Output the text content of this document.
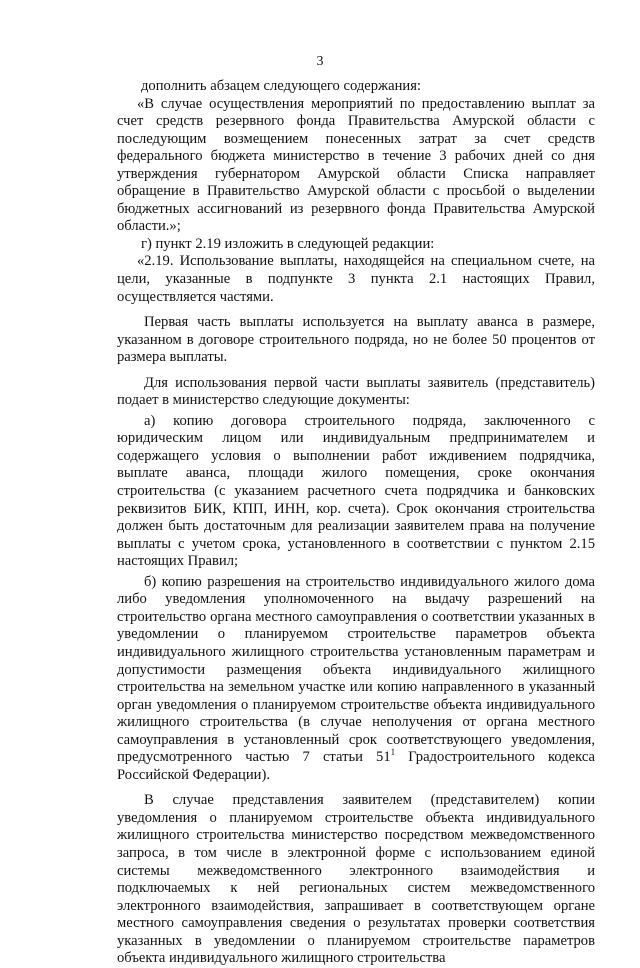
3

дополнить абзацем следующего содержания:

«В случае осуществления мероприятий по предоставлению выплат за счет средств резервного фонда Правительства Амурской области с последующим возмещением понесенных затрат за счет средств федерального бюджета министерство в течение 3 рабочих дней со дня утверждения губернатором Амурской области Списка направляет обращение в Правительство Амурской области с просьбой о выделении бюджетных ассигнований из резервного фонда Правительства Амурской области.»;

г) пункт 2.19 изложить в следующей редакции:

«2.19. Использование выплаты, находящейся на специальном счете, на цели, указанные в подпункте 3 пункта 2.1 настоящих Правил, осуществляется частями.

Первая часть выплаты используется на выплату аванса в размере, указанном в договоре строительного подряда, но не более 50 процентов от размера выплаты.

Для использования первой части выплаты заявитель (представитель) подает в министерство следующие документы:

а) копию договора строительного подряда, заключенного с юридическим лицом или индивидуальным предпринимателем и содержащего условия о выполнении работ иждивением подрядчика, выплате аванса, площади жилого помещения, сроке окончания строительства (с указанием расчетного счета подрядчика и банковских реквизитов БИК, КПП, ИНН, кор. счета). Срок окончания строительства должен быть достаточным для реализации заявителем права на получение выплаты с учетом срока, установленного в соответствии с пунктом 2.15 настоящих Правил;

б) копию разрешения на строительство индивидуального жилого дома либо уведомления уполномоченного на выдачу разрешений на строительство органа местного самоуправления о соответствии указанных в уведомлении о планируемом строительстве параметров объекта индивидуального жилищного строительства установленным параметрам и допустимости размещения объекта индивидуального жилищного строительства на земельном участке или копию направленного в указанный орган уведомления о планируемом строительстве объекта индивидуального жилищного строительства (в случае неполучения от органа местного самоуправления в установленный срок соответствующего уведомления, предусмотренного частью 7 статьи $51^1$ Градостроительного кодекса Российской Федерации).

В случае представления заявителем (представителем) копии уведомления о планируемом строительстве объекта индивидуального жилищного строительства министерство посредством межведомственного запроса, в том числе в электронной форме с использованием единой системы межведомственного электронного взаимодействия и подключаемых к ней региональных систем межведомственного электронного взаимодействия, запрашивает в соответствующем органе местного самоуправления сведения о результатах проверки соответствия указанных в уведомлении о планируемом строительстве параметров объекта индивидуального жилищного строительства
